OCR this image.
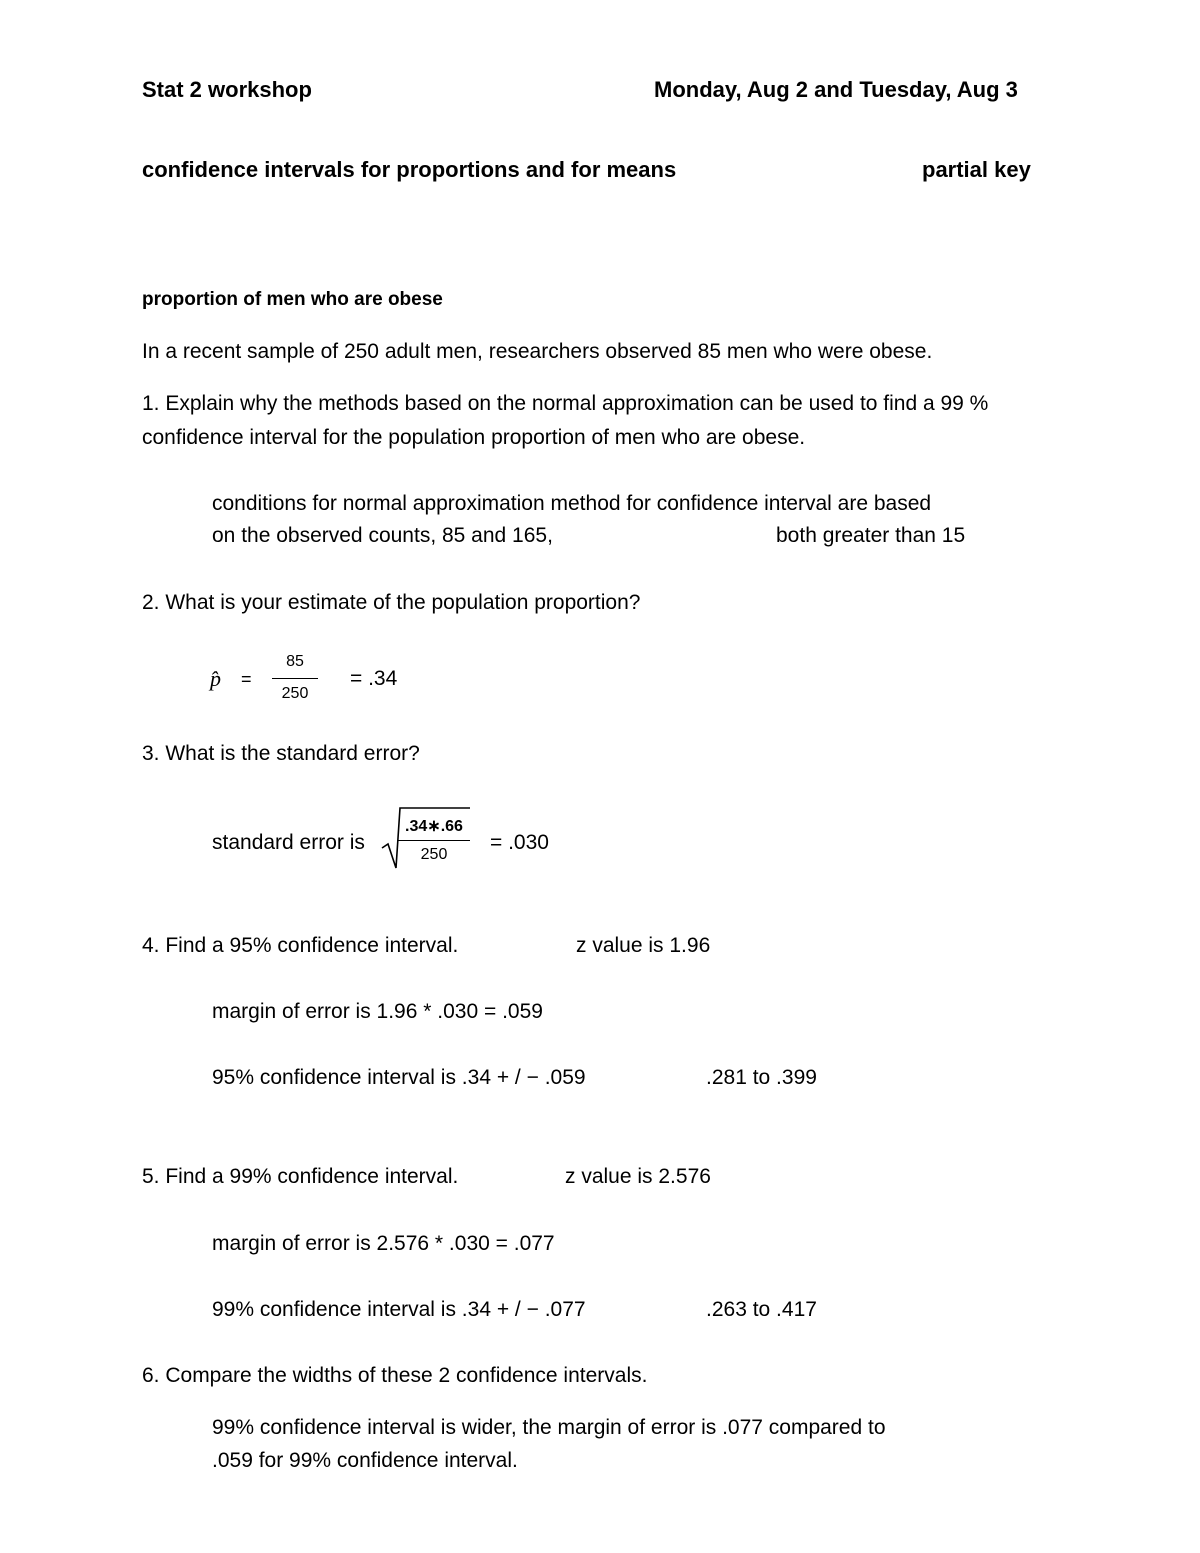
Stat 2 workshop	Monday, Aug 2 and Tuesday, Aug 3
confidence intervals for proportions and for means	partial key
proportion of men who are obese
In a recent sample of 250 adult men, researchers observed 85 men who were obese.
1. Explain why the methods based on the normal approximation can be used to find a 99 %
confidence interval for the population proportion of men who are obese.
conditions for normal approximation method for confidence interval are based
on the observed counts, 85 and 165,	both greater than 15
2. What is your estimate of the population proportion?
p̂ =
85
250
= .34
3. What is the standard error?
standard error is
.34∗.66
250
= .030
4. Find a 95% confidence interval.	z value is 1.96
margin of error is 1.96 * .030 = .059
95% confidence interval is .34 + / − .059	.281 to .399
5. Find a 99% confidence interval.	z value is 2.576
margin of error is 2.576 * .030 = .077
99% confidence interval is .34 + / − .077	.263 to .417
6. Compare the widths of these 2 confidence intervals.
99% confidence interval is wider, the margin of error is .077 compared to
.059 for 99% confidence interval.
